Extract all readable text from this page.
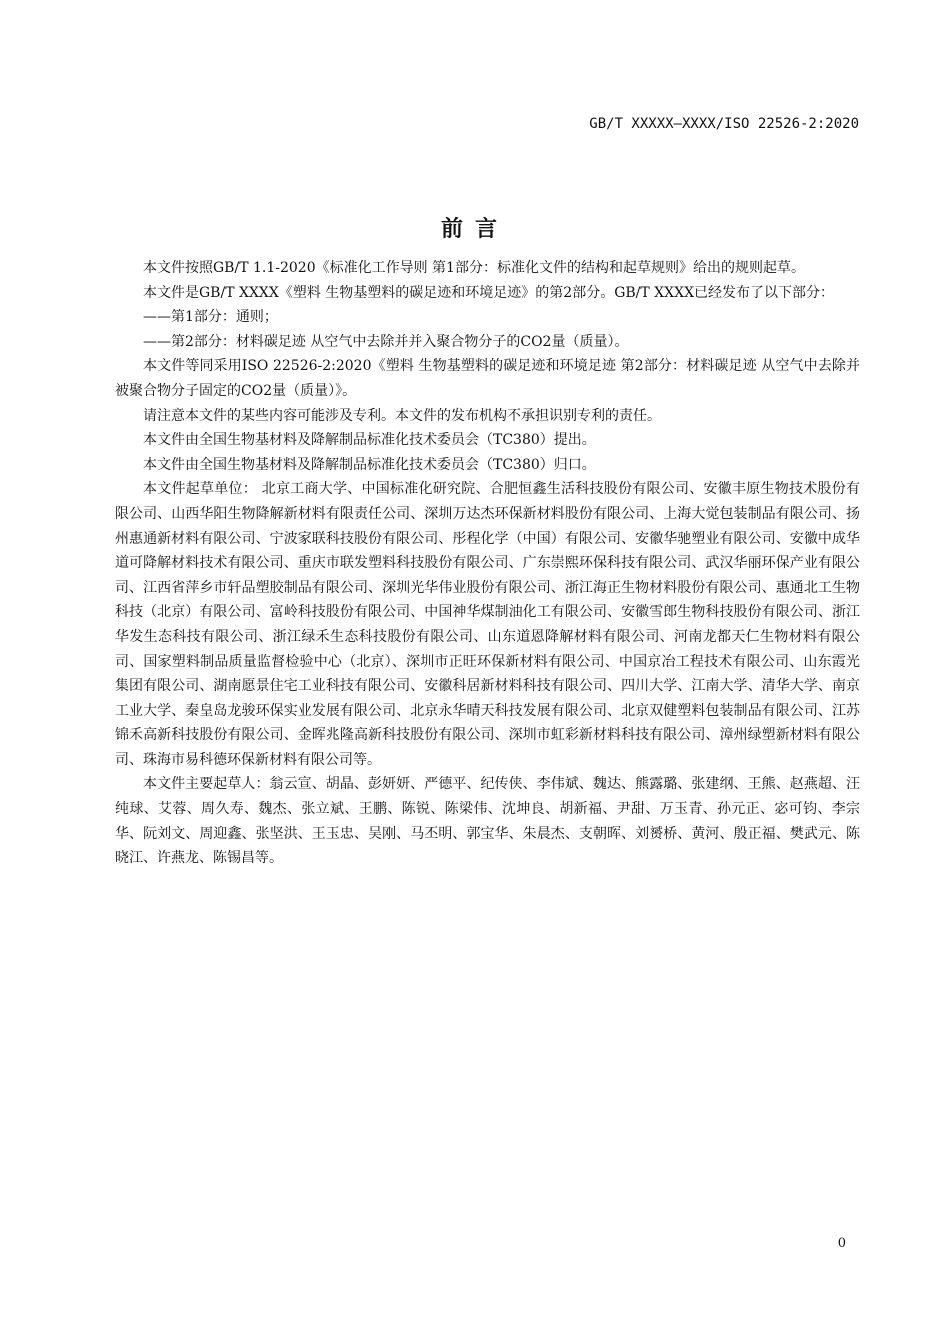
GB/T XXXXX—XXXX/ISO 22526-2:2020
前言

本文件按照GB/T 1.1-2020《标准化工作导则 第1部分：标准化文件的结构和起草规则》给出的规则起草。

本文件是GB/T XXXX《塑料 生物基塑料的碳足迹和环境足迹》的第2部分。GB/T XXXX已经发布了以下部分：

——第1部分：通则；

——第2部分：材料碳足迹 从空气中去除并并入聚合物分子的CO2量（质量）。

本文件等同采用ISO 22526-2:2020《塑料 生物基塑料的碳足迹和环境足迹 第2部分：材料碳足迹 从空气中去除并被聚合物分子固定的CO2量（质量）》。

请注意本文件的某些内容可能涉及专利。本文件的发布机构不承担识别专利的责任。

本文件由全国生物基材料及降解制品标准化技术委员会（TC380）提出。

本文件由全国生物基材料及降解制品标准化技术委员会（TC380）归口。

本文件起草单位： 北京工商大学、中国标准化研究院、合肥恒鑫生活科技股份有限公司、安徽丰原生物技术股份有限公司、山西华阳生物降解新材料有限责任公司、深圳万达杰环保新材料股份有限公司、上海大觉包装制品有限公司、扬州惠通新材料有限公司、宁波家联科技股份有限公司、彤程化学（中国）有限公司、安徽华驰塑业有限公司、安徽中成华道可降解材料技术有限公司、重庆市联发塑料科技股份有限公司、广东崇熙环保科技有限公司、武汉华丽环保产业有限公司、江西省萍乡市轩品塑胶制品有限公司、深圳光华伟业股份有限公司、浙江海正生物材料股份有限公司、惠通北工生物科技（北京）有限公司、富岭科技股份有限公司、中国神华煤制油化工有限公司、安徽雪郎生物科技股份有限公司、浙江华发生态科技有限公司、浙江绿禾生态科技股份有限公司、山东道恩降解材料有限公司、河南龙都天仁生物材料有限公司、国家塑料制品质量监督检验中心（北京）、深圳市正旺环保新材料有限公司、中国京冶工程技术有限公司、山东霞光集团有限公司、湖南愿景住宅工业科技有限公司、安徽科居新材料科技有限公司、四川大学、江南大学、清华大学、南京工业大学、秦皇岛龙骏环保实业发展有限公司、北京永华晴天科技发展有限公司、北京双健塑料包装制品有限公司、江苏锦禾高新科技股份有限公司、金晖兆隆高新科技股份有限公司、深圳市虹彩新材料科技有限公司、漳州绿塑新材料有限公司、珠海市易科德环保新材料有限公司等。

本文件主要起草人：翁云宣、胡晶、彭妍妍、严德平、纪传侠、李伟斌、魏达、熊露璐、张建纲、王熊、赵燕超、汪纯球、艾蓉、周久寿、魏杰、张立斌、王鹏、陈锐、陈梁伟、沈坤良、胡新福、尹甜、万玉青、孙元正、宓可钧、李宗华、阮刘文、周迎鑫、张坚洪、王玉忠、吴刚、马丕明、郭宝华、朱晨杰、支朝晖、刘赟桥、黄河、殷正福、樊武元、陈晓江、许燕龙、陈锡昌等。

0
